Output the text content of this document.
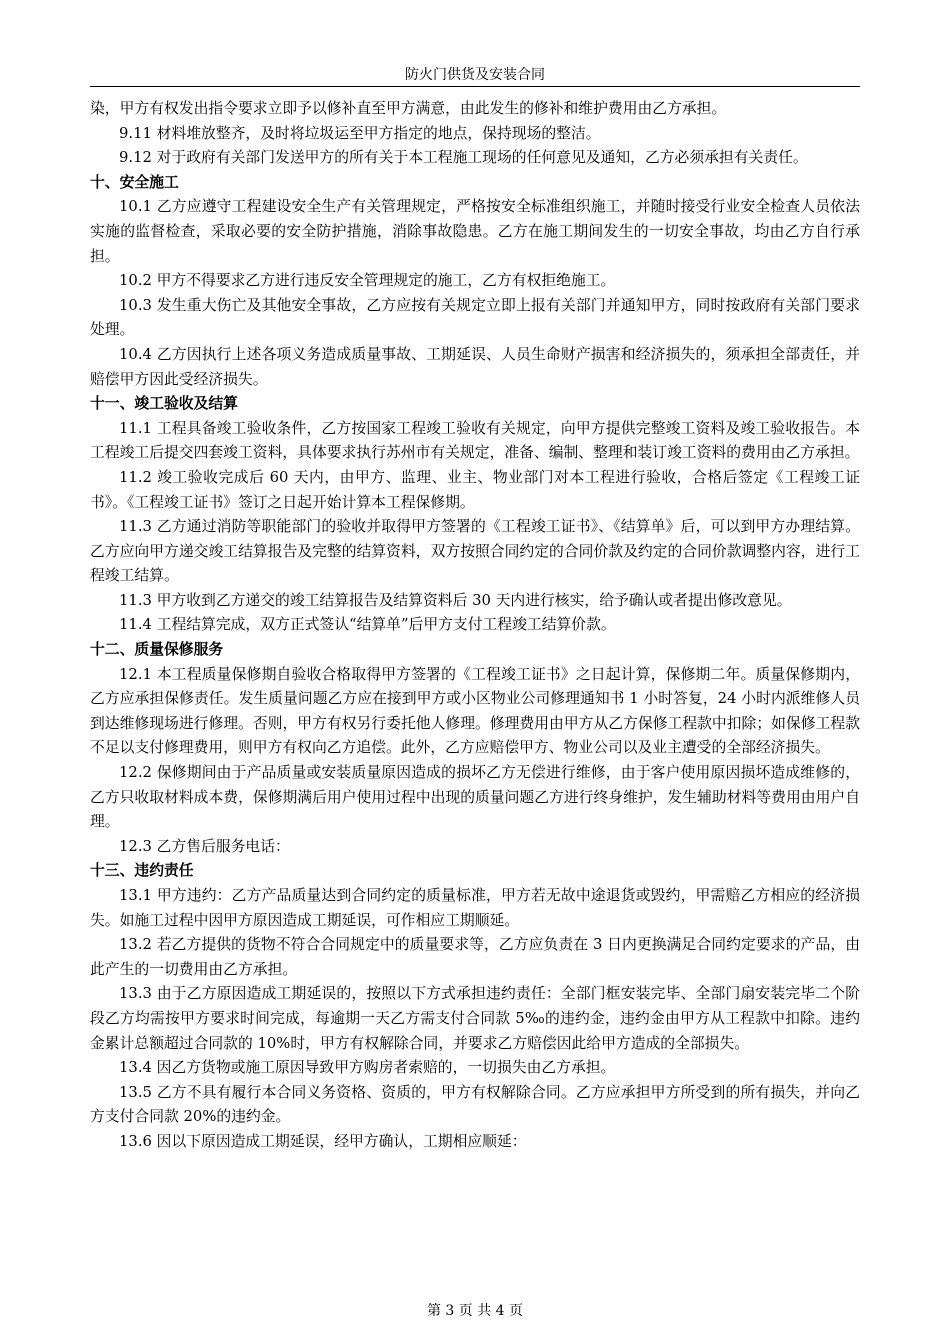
防火门供货及安装合同

染，甲方有权发出指令要求立即予以修补直至甲方满意，由此发生的修补和维护费用由乙方承担。

9.11 材料堆放整齐，及时将垃圾运至甲方指定的地点，保持现场的整洁。

9.12 对于政府有关部门发送甲方的所有关于本工程施工现场的任何意见及通知，乙方必须承担有关责任。

十、安全施工

10.1 乙方应遵守工程建设安全生产有关管理规定，严格按安全标准组织施工，并随时接受行业安全检查人员依法实施的监督检查，采取必要的安全防护措施，消除事故隐患。乙方在施工期间发生的一切安全事故，均由乙方自行承担。

10.2 甲方不得要求乙方进行违反安全管理规定的施工，乙方有权拒绝施工。

10.3 发生重大伤亡及其他安全事故，乙方应按有关规定立即上报有关部门并通知甲方，同时按政府有关部门要求处理。

10.4 乙方因执行上述各项义务造成质量事故、工期延误、人员生命财产损害和经济损失的，须承担全部责任，并赔偿甲方因此受经济损失。

十一、竣工验收及结算

11.1 工程具备竣工验收条件，乙方按国家工程竣工验收有关规定，向甲方提供完整竣工资料及竣工验收报告。本工程竣工后提交四套竣工资料，具体要求执行苏州市有关规定，准备、编制、整理和装订竣工资料的费用由乙方承担。

11.2 竣工验收完成后 60 天内，由甲方、监理、业主、物业部门对本工程进行验收，合格后签定《工程竣工证书》。《工程竣工证书》签订之日起开始计算本工程保修期。

11.3 乙方通过消防等职能部门的验收并取得甲方签署的《工程竣工证书》、《结算单》后，可以到甲方办理结算。乙方应向甲方递交竣工结算报告及完整的结算资料，双方按照合同约定的合同价款及约定的合同价款调整内容，进行工程竣工结算。

11.3 甲方收到乙方递交的竣工结算报告及结算资料后 30 天内进行核实，给予确认或者提出修改意见。

11.4 工程结算完成，双方正式签认“结算单”后甲方支付工程竣工结算价款。

十二、质量保修服务

12.1 本工程质量保修期自验收合格取得甲方签署的《工程竣工证书》之日起计算，保修期二年。质量保修期内，乙方应承担保修责任。发生质量问题乙方应在接到甲方或小区物业公司修理通知书 1 小时答复，24 小时内派维修人员到达维修现场进行修理。否则，甲方有权另行委托他人修理。修理费用由甲方从乙方保修工程款中扣除；如保修工程款不足以支付修理费用，则甲方有权向乙方追偿。此外，乙方应赔偿甲方、物业公司以及业主遭受的全部经济损失。

12.2 保修期间由于产品质量或安装质量原因造成的损坏乙方无偿进行维修，由于客户使用原因损坏造成维修的，乙方只收取材料成本费，保修期满后用户使用过程中出现的质量问题乙方进行终身维护，发生辅助材料等费用由用户自理。

12.3 乙方售后服务电话：

十三、违约责任

13.1 甲方违约：乙方产品质量达到合同约定的质量标准，甲方若无故中途退货或毁约，甲需赔乙方相应的经济损失。如施工过程中因甲方原因造成工期延误，可作相应工期顺延。

13.2 若乙方提供的货物不符合合同规定中的质量要求等，乙方应负责在 3 日内更换满足合同约定要求的产品，由此产生的一切费用由乙方承担。

13.3 由于乙方原因造成工期延误的，按照以下方式承担违约责任：全部门框安装完毕、全部门扇安装完毕二个阶段乙方均需按甲方要求时间完成，每逾期一天乙方需支付合同款 5‰的违约金，违约金由甲方从工程款中扣除。违约金累计总额超过合同款的 10%时，甲方有权解除合同，并要求乙方赔偿因此给甲方造成的全部损失。

13.4 因乙方货物或施工原因导致甲方购房者索赔的，一切损失由乙方承担。

13.5 乙方不具有履行本合同义务资格、资质的，甲方有权解除合同。乙方应承担甲方所受到的所有损失，并向乙方支付合同款 20%的违约金。

13.6 因以下原因造成工期延误，经甲方确认，工期相应顺延：

第 3 页 共 4 页
